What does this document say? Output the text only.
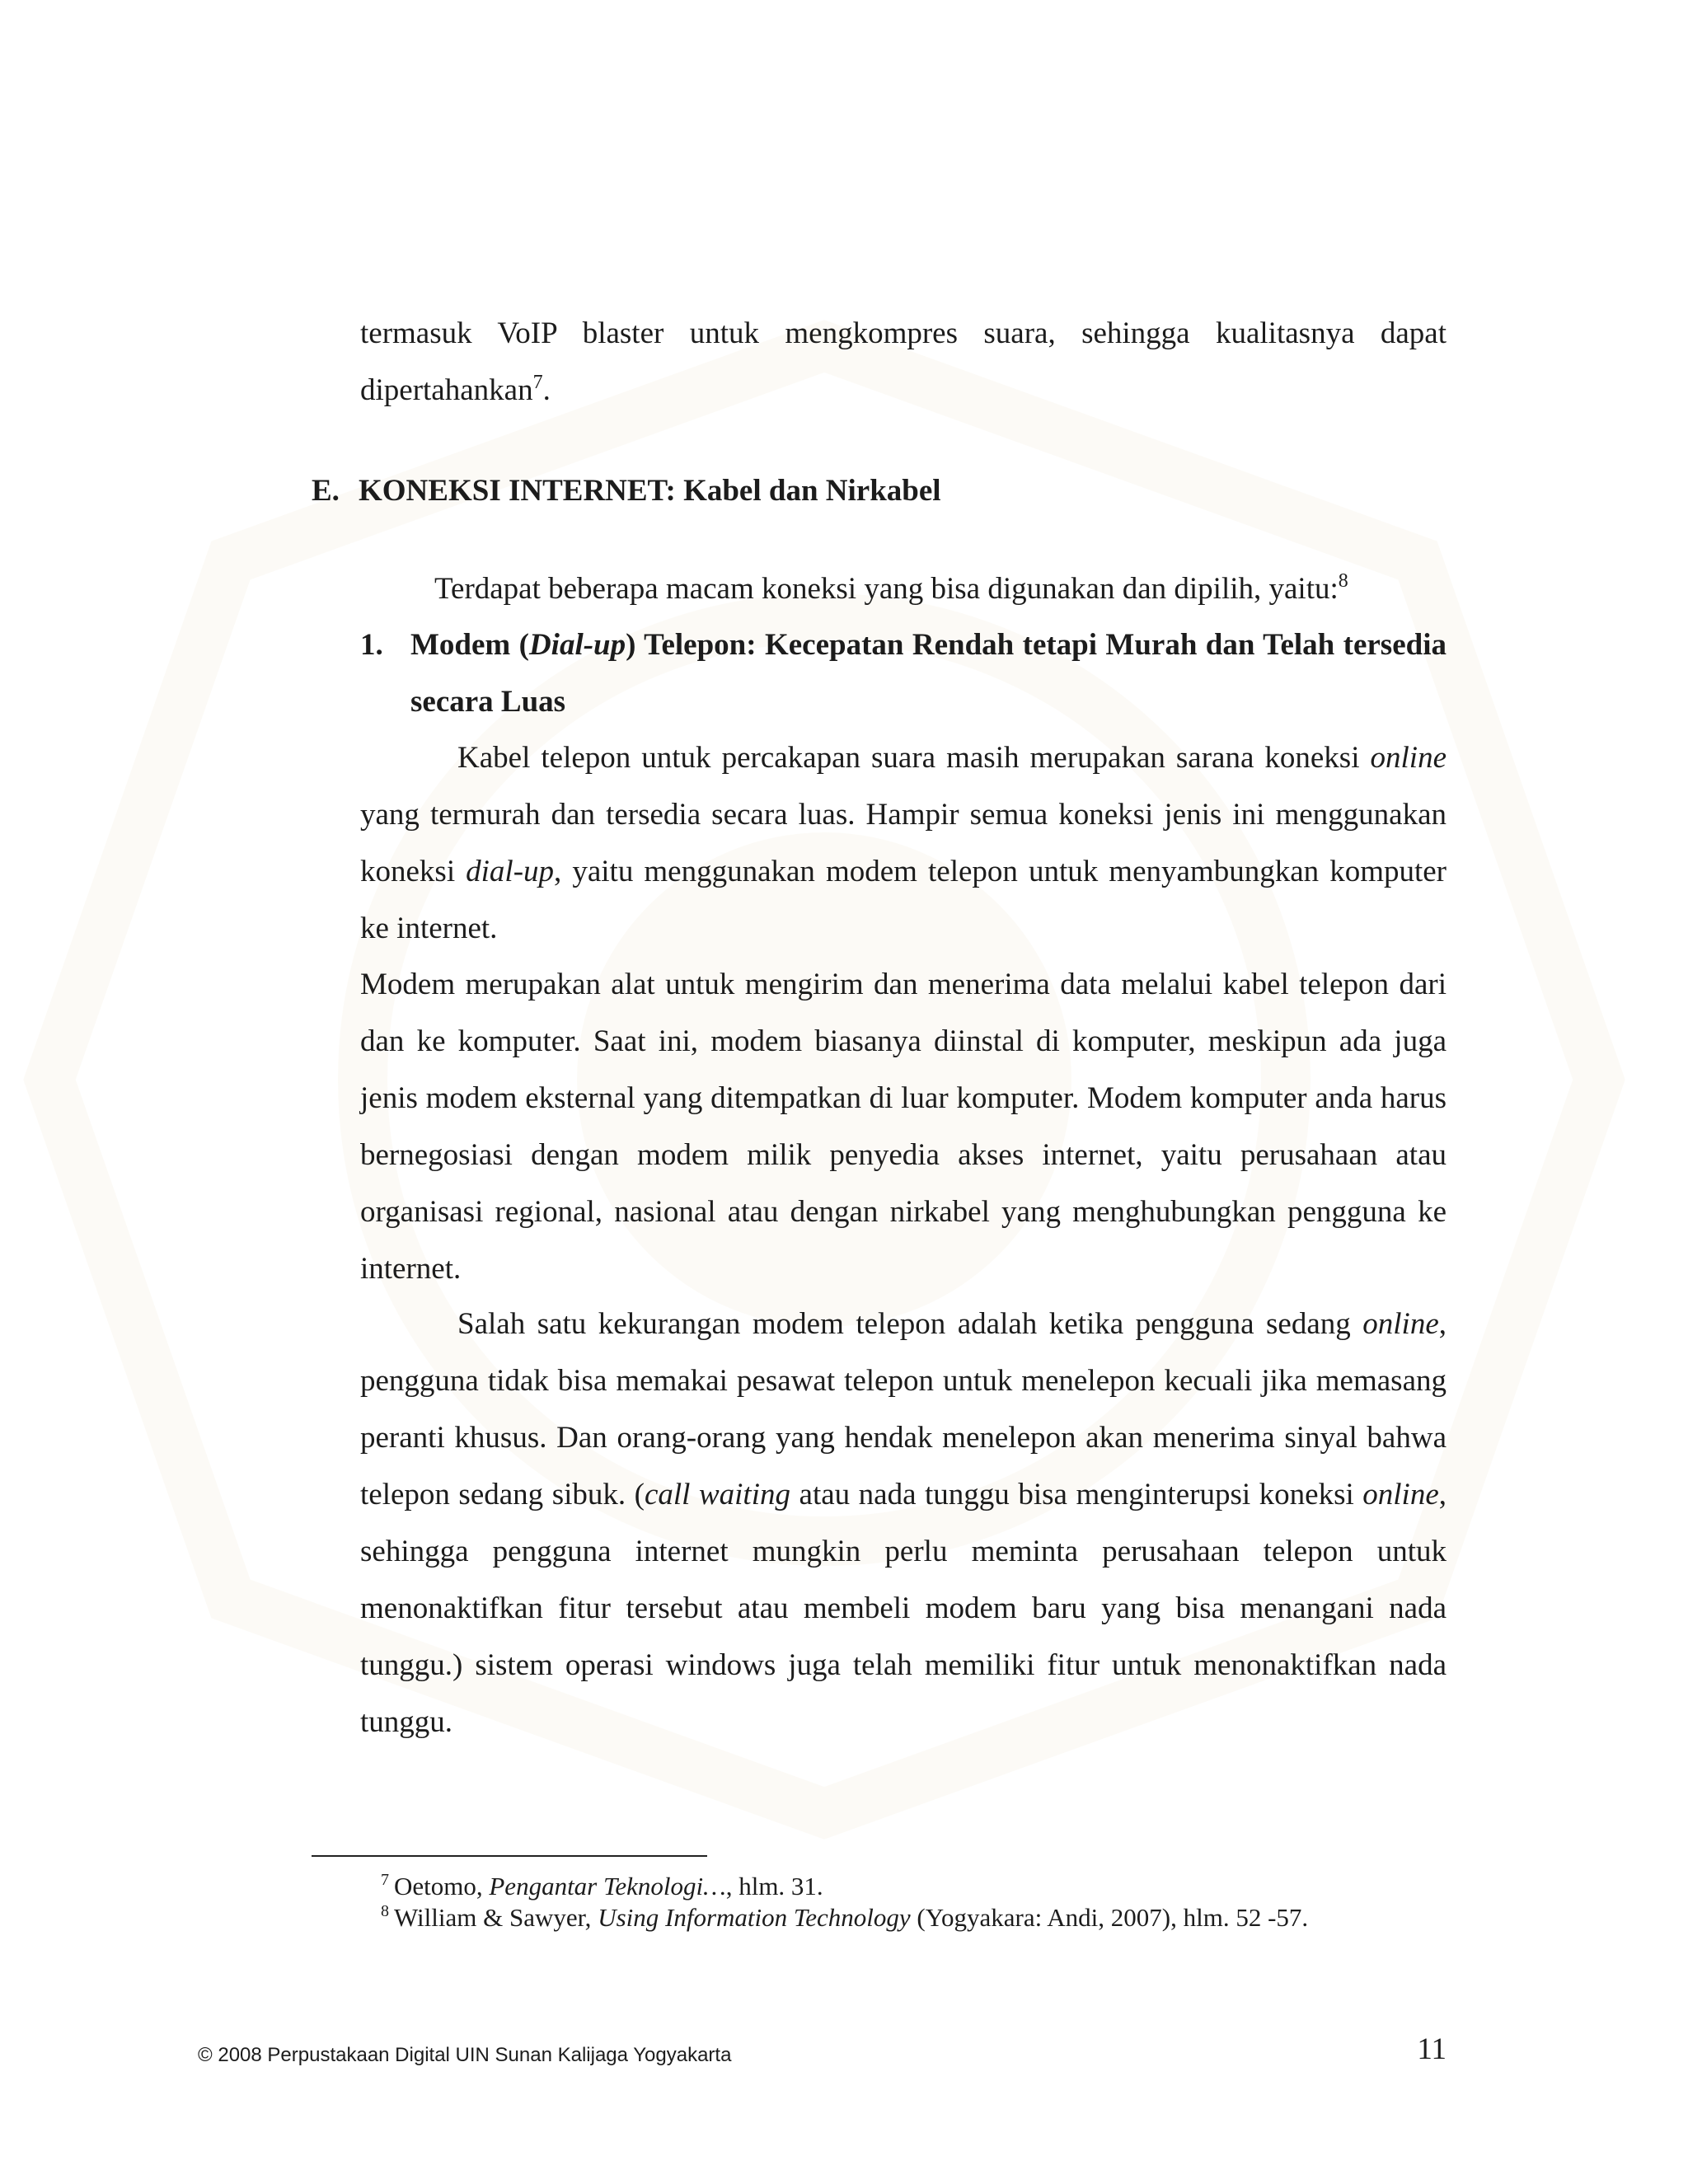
termasuk VoIP blaster untuk mengkompres suara, sehingga kualitasnya dapat dipertahankan$^7$.

E. KONEKSI INTERNET: Kabel dan Nirkabel

Terdapat beberapa macam koneksi yang bisa digunakan dan dipilih, yaitu:$^8$

1. Modem (Dial-up) Telepon: Kecepatan Rendah tetapi Murah dan Telah tersedia secara Luas

Kabel telepon untuk percakapan suara masih merupakan sarana koneksi online yang termurah dan tersedia secara luas. Hampir semua koneksi jenis ini menggunakan koneksi dial-up, yaitu menggunakan modem telepon untuk menyambungkan komputer ke internet.

Modem merupakan alat untuk mengirim dan menerima data melalui kabel telepon dari dan ke komputer. Saat ini, modem biasanya diinstal di komputer, meskipun ada juga jenis modem eksternal yang ditempatkan di luar komputer. Modem komputer anda harus bernegosiasi dengan modem milik penyedia akses internet, yaitu perusahaan atau organisasi regional, nasional atau dengan nirkabel yang menghubungkan pengguna ke internet.

Salah satu kekurangan modem telepon adalah ketika pengguna sedang online, pengguna tidak bisa memakai pesawat telepon untuk menelepon kecuali jika memasang peranti khusus. Dan orang-orang yang hendak menelepon akan menerima sinyal bahwa telepon sedang sibuk. (call waiting atau nada tunggu bisa menginterupsi koneksi online, sehingga pengguna internet mungkin perlu meminta perusahaan telepon untuk menonaktifkan fitur tersebut atau membeli modem baru yang bisa menangani nada tunggu.) sistem operasi windows juga telah memiliki fitur untuk menonaktifkan nada tunggu.

$^7$ Oetomo, Pengantar Teknologi…, hlm. 31.
$^8$ William & Sawyer, Using Information Technology (Yogyakara: Andi, 2007), hlm. 52 -57.
© 2008 Perpustakaan Digital UIN Sunan Kalijaga Yogyakarta	11
